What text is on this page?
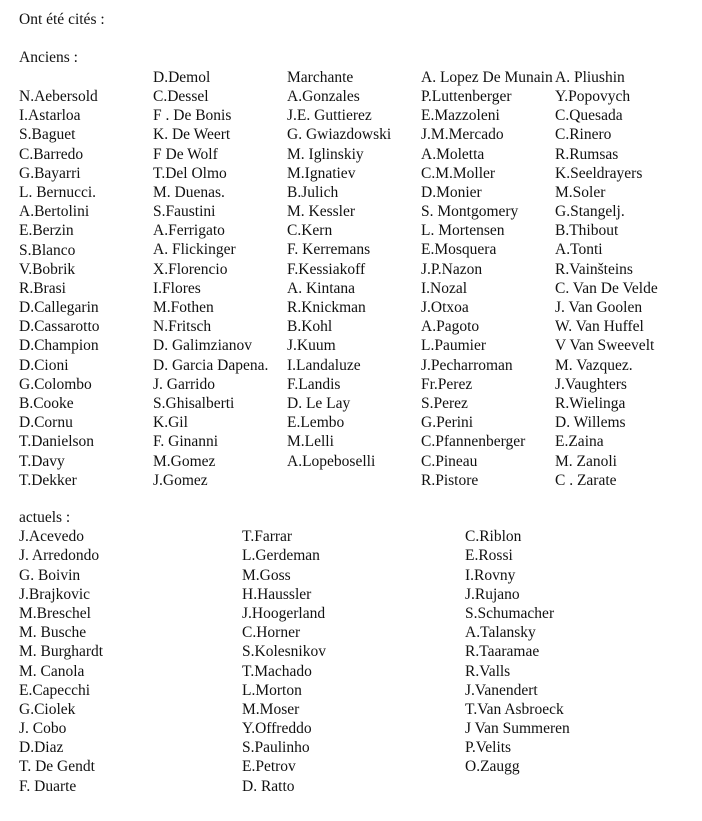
Ont été cités :
Anciens :
N.Aebersold
I.Astarloa
S.Baguet
C.Barredo
G.Bayarri
L. Bernucci.
A.Bertolini
E.Berzin
S.Blanco
V.Bobrik
R.Brasi
D.Callegarin
D.Cassarotto
D.Champion
D.Cioni
G.Colombo
B.Cooke
D.Cornu
T.Danielson
T.Davy
T.Dekker
D.Demol
C.Dessel
F . De Bonis
K. De Weert
F De Wolf
T.Del Olmo
M. Duenas.
S.Faustini
A.Ferrigato
A. Flickinger
X.Florencio
I.Flores
M.Fothen
N.Fritsch
D. Galimzianov
D. Garcia Dapena.
J. Garrido
S.Ghisalberti
K.Gil
F. Ginanni
M.Gomez
J.Gomez
Marchante
A.Gonzales
J.E. Guttierez
G. Gwiazdowski
M. Iglinskiy
M.Ignatiev
B.Julich
M. Kessler
C.Kern
F. Kerremans
F.Kessiakoff
A. Kintana
R.Knickman
B.Kohl
J.Kuum
I.Landaluze
F.Landis
D. Le Lay
E.Lembo
M.Lelli
A.Lopeboselli
A. Lopez De Munain
P.Luttenberger
E.Mazzoleni
J.M.Mercado
A.Moletta
C.M.Moller
D.Monier
S. Montgomery
L. Mortensen
E.Mosquera
J.P.Nazon
I.Nozal
J.Otxoa
A.Pagoto
L.Paumier
J.Pecharroman
Fr.Perez
S.Perez
G.Perini
C.Pfannenberger
C.Pineau
R.Pistore
A. Pliushin
Y.Popovych
C.Quesada
C.Rinero
R.Rumsas
K.Seeldrayers
M.Soler
G.Stangelj.
B.Thibout
A.Tonti
R.Vainšteins
C. Van De Velde
J. Van Goolen
W. Van Huffel
V Van Sweevelt
M. Vazquez.
J.Vaughters
R.Wielinga
D. Willems
E.Zaina
M. Zanoli
C . Zarate
actuels :
J.Acevedo
J. Arredondo
G. Boivin
J.Brajkovic
M.Breschel
M. Busche
M. Burghardt
M. Canola
E.Capecchi
G.Ciolek
J. Cobo
D.Diaz
T. De Gendt
F. Duarte
T.Farrar
L.Gerdeman
M.Goss
H.Haussler
J.Hoogerland
C.Horner
S.Kolesnikov
T.Machado
L.Morton
M.Moser
Y.Offreddo
S.Paulinho
E.Petrov
D. Ratto
C.Riblon
E.Rossi
I.Rovny
J.Rujano
S.Schumacher
A.Talansky
R.Taaramae
R.Valls
J.Vanendert
T.Van Asbroeck
J Van Summeren
P.Velits
O.Zaugg
